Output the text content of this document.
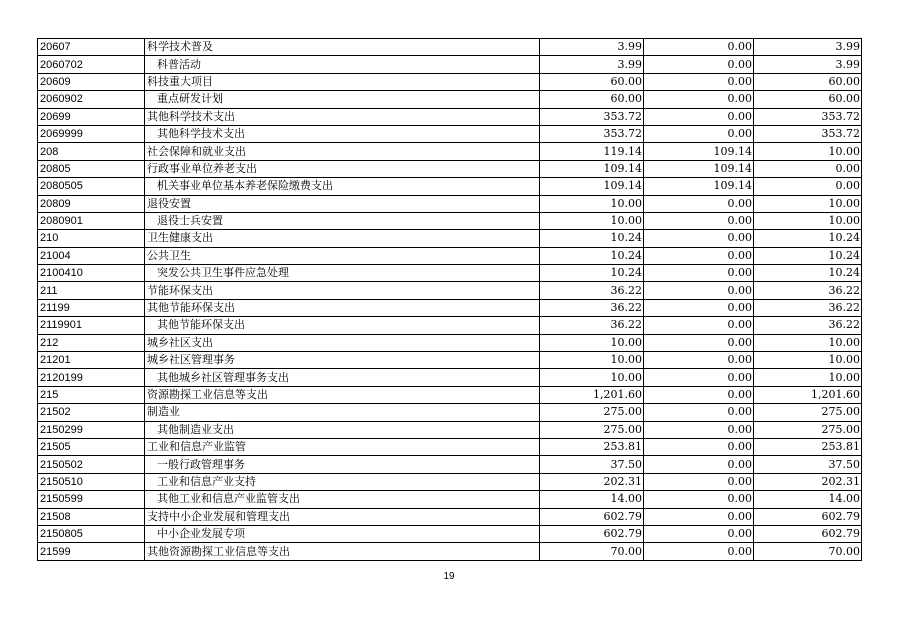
20607	科学技术普及	3.99	0.00	3.99
2060702	科普活动	3.99	0.00	3.99
20609	科技重大项目	60.00	0.00	60.00
2060902	重点研发计划	60.00	0.00	60.00
20699	其他科学技术支出	353.72	0.00	353.72
2069999	其他科学技术支出	353.72	0.00	353.72
208	社会保障和就业支出	119.14	109.14	10.00
20805	行政事业单位养老支出	109.14	109.14	0.00
2080505	机关事业单位基本养老保险缴费支出	109.14	109.14	0.00
20809	退役安置	10.00	0.00	10.00
2080901	退役士兵安置	10.00	0.00	10.00
210	卫生健康支出	10.24	0.00	10.24
21004	公共卫生	10.24	0.00	10.24
2100410	突发公共卫生事件应急处理	10.24	0.00	10.24
211	节能环保支出	36.22	0.00	36.22
21199	其他节能环保支出	36.22	0.00	36.22
2119901	其他节能环保支出	36.22	0.00	36.22
212	城乡社区支出	10.00	0.00	10.00
21201	城乡社区管理事务	10.00	0.00	10.00
2120199	其他城乡社区管理事务支出	10.00	0.00	10.00
215	资源勘探工业信息等支出	1,201.60	0.00	1,201.60
21502	制造业	275.00	0.00	275.00
2150299	其他制造业支出	275.00	0.00	275.00
21505	工业和信息产业监管	253.81	0.00	253.81
2150502	一般行政管理事务	37.50	0.00	37.50
2150510	工业和信息产业支持	202.31	0.00	202.31
2150599	其他工业和信息产业监管支出	14.00	0.00	14.00
21508	支持中小企业发展和管理支出	602.79	0.00	602.79
2150805	中小企业发展专项	602.79	0.00	602.79
21599	其他资源勘探工业信息等支出	70.00	0.00	70.00
19
